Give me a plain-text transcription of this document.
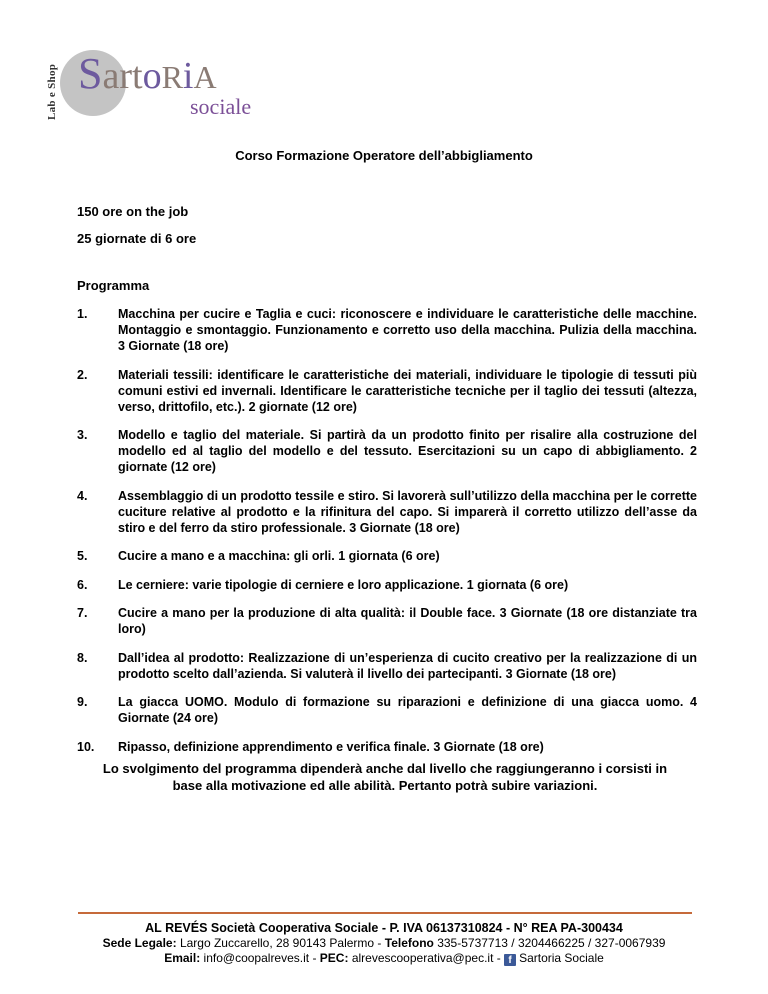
Lab e Shop SartoRiA
sociale
Corso Formazione Operatore dell’abbigliamento
150 ore on the job
25 giornate di 6 ore
Programma
1.	Macchina per cucire e Taglia e cuci: riconoscere e individuare le caratteristiche delle macchine. Montaggio e smontaggio. Funzionamento e corretto uso della macchina. Pulizia della macchina. 3 Giornate (18 ore)
2.	Materiali tessili: identificare le caratteristiche dei materiali, individuare le tipologie di tessuti più comuni estivi ed invernali. Identificare le caratteristiche tecniche per il taglio dei tessuti (altezza, verso, drittofilo, etc.). 2 giornate (12 ore)
3.	Modello e taglio del materiale. Si partirà da un prodotto finito per risalire alla costruzione del modello ed al taglio del modello e del tessuto. Esercitazioni su un capo di abbigliamento. 2 giornate (12 ore)
4.	Assemblaggio di un prodotto tessile e stiro. Si lavorerà sull’utilizzo della macchina per le corrette cuciture relative al prodotto e la rifinitura del capo. Si imparerà il corretto utilizzo dell’asse da stiro e del ferro da stiro professionale. 3 Giornate (18 ore)
5.	Cucire a mano e a macchina: gli orli. 1 giornata (6 ore)
6.	Le cerniere: varie tipologie di cerniere e loro applicazione. 1 giornata (6 ore)
7.	Cucire a mano per la produzione di alta qualità: il Double face. 3 Giornate (18 ore distanziate tra loro)
8.	Dall’idea al prodotto: Realizzazione di un’esperienza di cucito creativo per la realizzazione di un prodotto scelto dall’azienda. Si valuterà il livello dei partecipanti. 3 Giornate (18 ore)
9.	La giacca UOMO. Modulo di formazione su riparazioni e definizione di una giacca uomo. 4 Giornate (24 ore)
10.	Ripasso, definizione apprendimento e verifica finale. 3 Giornate (18 ore)
Lo svolgimento del programma dipenderà anche dal livello che raggiungeranno i corsisti in base alla motivazione ed alle abilità. Pertanto potrà subire variazioni.
AL REVÉS Società Cooperativa Sociale - P. IVA 06137310824 - N° REA PA-300434
Sede Legale: Largo Zuccarello, 28 90143 Palermo - Telefono 335-5737713 / 3204466225 / 327-0067939
Email: info@coopalreves.it - PEC: alrevescooperativa@pec.it - f Sartoria Sociale
